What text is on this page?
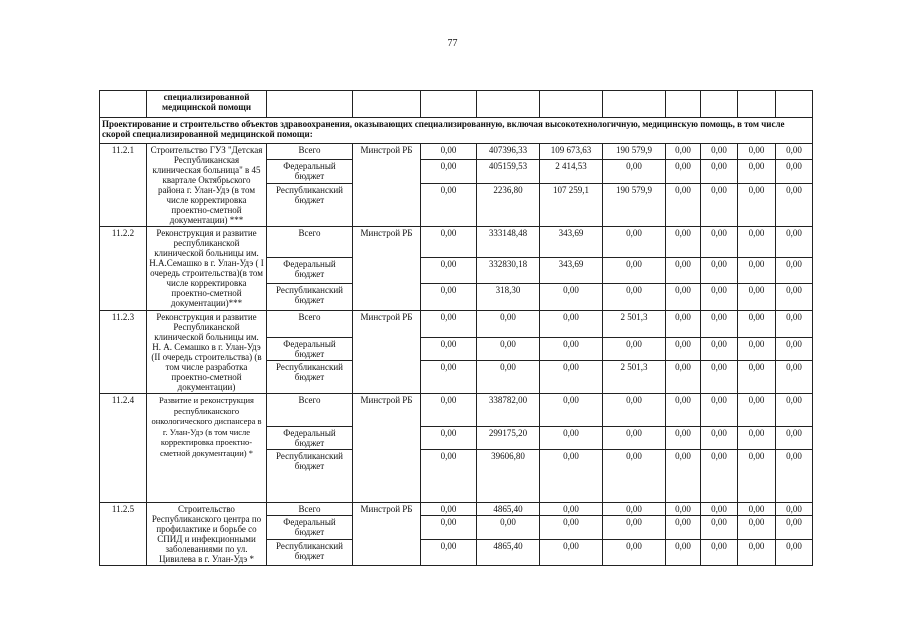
77
	специализированной медицинской помощи										
Проектирование и строительство объектов здравоохранения, оказывающих специализированную, включая высокотехнологичную, медицинскую помощь, в том числе скорой специализированной медицинской помощи:											
11.2.1	Строительство ГУЗ "Детская Республиканская клиническая больница" в 45 квартале Октябрьского района г. Улан-Удэ (в том числе корректировка проектно-сметной документации) ***	Всего	Минстрой РБ	0,00	407396,33	109 673,63	190 579,9	0,00	0,00	0,00	0,00
		Федеральный бюджет		0,00	405159,53	2 414,53	0,00	0,00	0,00	0,00	0,00
		Республиканский бюджет		0,00	2236,80	107 259,1	190 579,9	0,00	0,00	0,00	0,00
11.2.2	Реконструкция и развитие республиканской клинической больницы им. Н.А.Семашко в г. Улан-Удэ ( I очередь строительства)(в том числе корректировка проектно-сметной документации)***	Всего	Минстрой РБ	0,00	333148,48	343,69	0,00	0,00	0,00	0,00	0,00
		Федеральный бюджет		0,00	332830,18	343,69	0,00	0,00	0,00	0,00	0,00
		Республиканский бюджет		0,00	318,30	0,00	0,00	0,00	0,00	0,00	0,00
11.2.3	Реконструкция и развитие Республиканской клинической больницы им. Н. А. Семашко в г. Улан-Удэ (II очередь строительства) (в том числе разработка проектно-сметной документации)	Всего	Минстрой РБ	0,00	0,00	0,00	2 501,3	0,00	0,00	0,00	0,00
		Федеральный бюджет		0,00	0,00	0,00	0,00	0,00	0,00	0,00	0,00
		Республиканский бюджет		0,00	0,00	0,00	2 501,3	0,00	0,00	0,00	0,00
11.2.4	Развитие и реконструкция республиканского онкологического диспансера в г. Улан-Удэ (в том числе корректировка проектно-сметной документации) *	Всего	Минстрой РБ	0,00	338782,00	0,00	0,00	0,00	0,00	0,00	0,00
		Федеральный бюджет		0,00	299175,20	0,00	0,00	0,00	0,00	0,00	0,00
		Республиканский бюджет		0,00	39606,80	0,00	0,00	0,00	0,00	0,00	0,00
11.2.5	Строительство Республиканского центра по профилактике и борьбе со СПИД и инфекционными заболеваниями по ул. Цивилева в г. Улан-Удэ *	Всего	Минстрой РБ	0,00	4865,40	0,00	0,00	0,00	0,00	0,00	0,00
		Федеральный бюджет		0,00	0,00	0,00	0,00	0,00	0,00	0,00	0,00
		Республиканский бюджет		0,00	4865,40	0,00	0,00	0,00	0,00	0,00	0,00
